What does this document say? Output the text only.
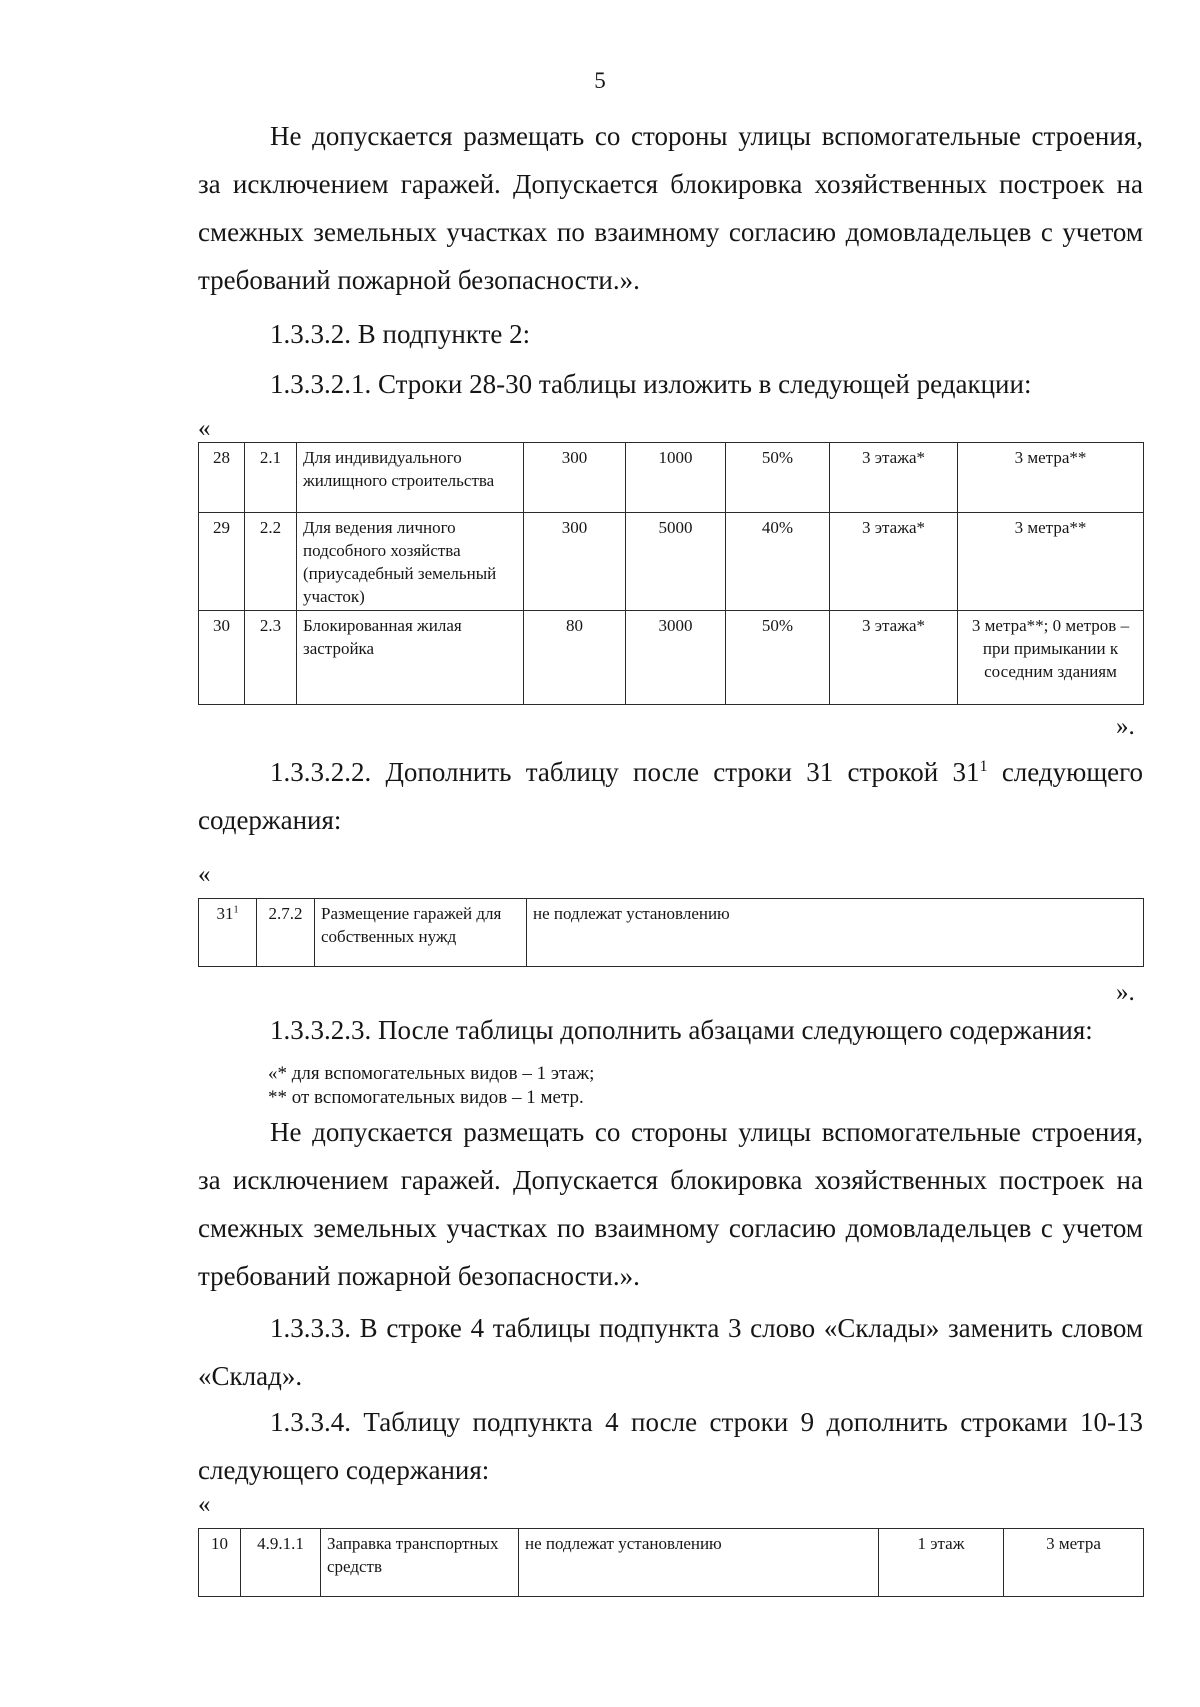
5

Не допускается размещать со стороны улицы вспомогательные строения, за исключением гаражей. Допускается блокировка хозяйственных построек на смежных земельных участках по взаимному согласию домовладельцев с учетом требований пожарной безопасности.».

1.3.3.2. В подпункте 2:
1.3.3.2.1. Строки 28-30 таблицы изложить в следующей редакции:
«
28	2.1	Для индивидуального жилищного строительства	300	1000	50%	3 этажа*	3 метра**
29	2.2	Для ведения личного подсобного хозяйства (приусадебный земельный участок)	300	5000	40%	3 этажа*	3 метра**
30	2.3	Блокированная жилая застройка	80	3000	50%	3 этажа*	3 метра**; 0 метров – при примыкании к соседним зданиям
».
1.3.3.2.2. Дополнить таблицу после строки 31 строкой $31^1$ следующего содержания:
«
$31^1$	2.7.2	Размещение гаражей для собственных нужд	не подлежат установлению
».
1.3.3.2.3. После таблицы дополнить абзацами следующего содержания:
«* для вспомогательных видов – 1 этаж;
** от вспомогательных видов – 1 метр.

Не допускается размещать со стороны улицы вспомогательные строения, за исключением гаражей. Допускается блокировка хозяйственных построек на смежных земельных участках по взаимному согласию домовладельцев с учетом требований пожарной безопасности.».

1.3.3.3. В строке 4 таблицы подпункта 3 слово «Склады» заменить словом «Склад».

1.3.3.4. Таблицу подпункта 4 после строки 9 дополнить строками 10-13 следующего содержания:

«
10	4.9.1.1	Заправка транспортных средств	не подлежат установлению	1 этаж	3 метра
